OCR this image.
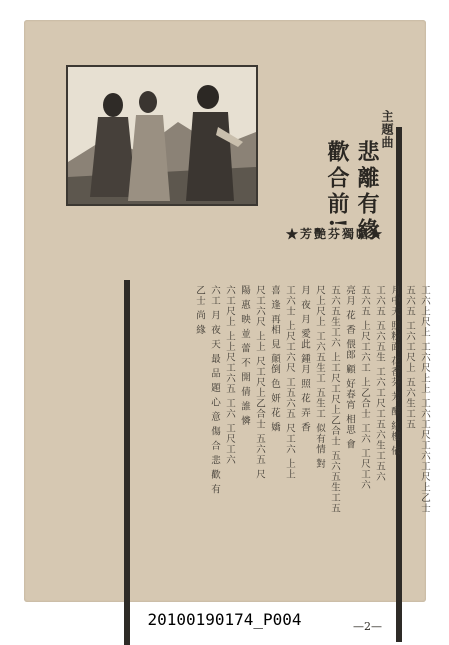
主題曲
悲離有緣 歡合前!
★芳艷芬獨唱★
工六上尺上 工六尺上上 工六工尺工六工尺上乙士
五六五 工六工尺上 五六生工五
月中天 照粉面 花香芬 芳 醉 紅樓 依
工六五 五六五生 工六工尺工五六生工五六
五六五 上尺工六工 上乙合士 工六 工尺工六
亮月 花 香 偎郎 顧 好春宵 相思 會
五六五生工六 上工尺工尺上乙合士 五六五生工五
尺上尺上 工六五生工 五生工 似有情 對
月 夜 月 愛此 鍾月 照 花 弄 香
工六士 上尺工六尺 工五六五 尺工六 上上
喜 逢 再相 見 顛倒 色 妍 花 嬌
尺工六尺 上上 尺工尺上乙合士 五六五 尺
陽 惠 映 並 蕾 不 開 倩 誰 憐
六工尺上 上上尺工六五 工六 工尺工六
六工 月 夜 天 最 品 題 心 意 傷 合 悲 歡 有
乙士 尚 緣
—2—
20100190174_P004
